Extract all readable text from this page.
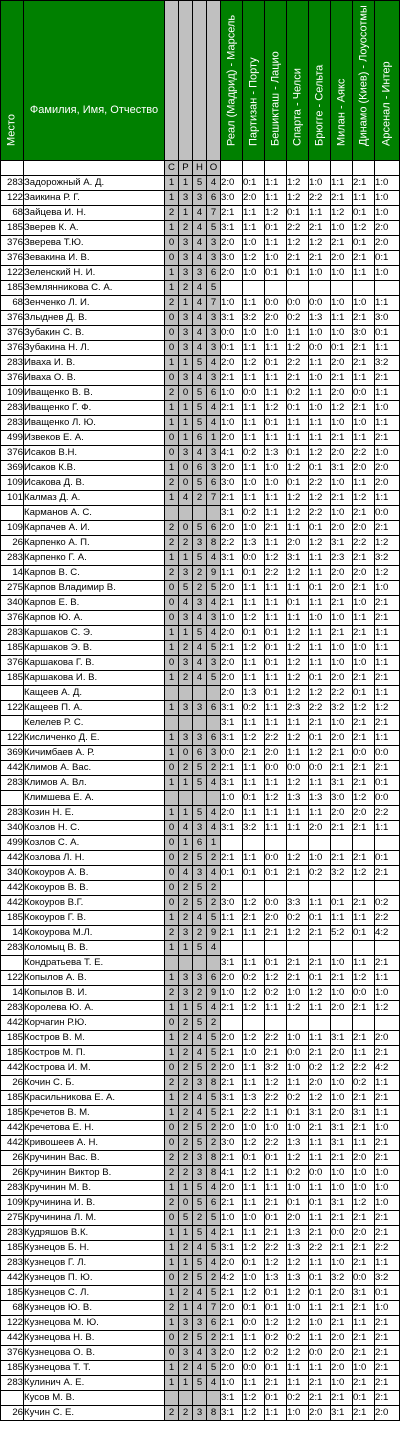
Место	Фамилия, Имя, Отчество					Реал (Мадрид) - Марсель	Партизан - Порту	Бешикташ - Лацио	Спарта - Челси	Брюгге - Сельта	Милан - Аякс	Динамо (Киев) - Лоуосотмы	Арсенал - Интер

		С	Р	Н	О								
283	Задорожный А. Д.	1	1	5	4	2:0	0:1	1:1	1:2	1:0	1:1	2:1	1:0
122	Заикина Р. Г.	1	3	3	6	3:0	2:0	1:1	1:2	2:2	2:1	1:1	1:0
68	Зайцева И. Н.	2	1	4	7	2:1	1:1	1:2	0:1	1:1	1:2	0:1	1:0
185	Зверев К. А.	1	2	4	5	3:1	1:1	0:1	2:2	2:1	1:0	1:2	2:0
376	Зверева Т.Ю.	0	3	4	3	2:0	1:0	1:1	1:2	1:2	2:1	0:1	2:0
376	Зевакина И. В.	0	3	4	3	3:0	1:2	1:0	2:1	2:1	2:0	2:1	0:1
122	Зеленский Н. И.	1	3	3	6	2:0	1:0	0:1	0:1	1:0	1:0	1:1	1:0
185	Землянникова С. А.	1	2	4	5								
68	Зенченко Л. И.	2	1	4	7	1:0	1:1	0:0	0:0	0:0	1:0	1:0	1:1
376	Злыднев Д. В.	0	3	4	3	3:1	3:2	2:0	0:2	1:3	1:1	2:1	3:0
376	Зубакин С. В.	0	3	4	3	0:0	1:0	1:0	1:1	1:0	1:0	3:0	0:1
376	Зубакина Н. Л.	0	3	4	3	0:1	1:1	1:1	1:2	0:0	0:1	2:1	1:1
283	Иваха И. В.	1	1	5	4	2:0	1:2	0:1	2:2	1:1	2:0	2:1	3:2
376	Иваха О. В.	0	3	4	3	2:1	1:1	1:1	2:1	1:0	2:1	1:1	2:1
109	Иващенко В. В.	2	0	5	6	1:0	0:0	1:1	0:2	1:1	2:0	0:0	1:1
283	Иващенко Г. Ф.	1	1	5	4	2:1	1:1	1:2	0:1	1:0	1:2	2:1	1:0
283	Иващенко Л. Ю.	1	1	5	4	1:0	1:1	0:1	1:1	1:1	1:0	1:0	1:1
499	Извеков Е. А.	0	1	6	1	2:0	1:1	1:1	1:1	1:1	2:1	1:1	2:1
376	Исаков В.Н.	0	3	4	3	4:1	0:2	1:3	0:1	1:2	2:0	2:2	1:0
369	Исаков К.В.	1	0	6	3	2:0	1:1	1:0	1:2	0:1	3:1	2:0	2:0
109	Исакова Д. В.	2	0	5	6	3:0	1:0	1:0	0:1	2:2	1:0	1:1	2:0
101	Калмаз Д. А.	1	4	2	7	2:1	1:1	1:1	1:2	1:2	2:1	1:2	1:1
	Карманов А. С.					3:1	0:2	1:1	1:2	2:2	1:0	2:1	0:0
109	Карпачев А. И.	2	0	5	6	2:0	1:0	2:1	1:1	0:1	2:0	2:0	2:1
26	Карпенко А. П.	2	2	3	8	2:2	1:3	1:1	2:0	1:2	3:1	2:2	1:2
283	Карпенко Г. А.	1	1	5	4	3:1	0:0	1:2	3:1	1:1	2:3	2:1	3:2
14	Карпов В. С.	2	3	2	9	1:1	0:1	2:2	1:2	1:1	2:0	2:0	1:2
275	Карпов Владимир В.	0	5	2	5	2:0	1:1	1:1	1:1	0:1	2:0	2:1	1:0
340	Карпов Е. В.	0	4	3	4	2:1	1:1	1:1	0:1	1:1	2:1	1:0	2:1
376	Карпов Ю. А.	0	3	4	3	1:0	1:2	1:1	1:1	1:0	1:0	1:1	2:1
283	Каршаков С. Э.	1	1	5	4	2:0	0:1	0:1	1:2	1:1	2:1	2:1	1:1
185	Каршаков Э. В.	1	2	4	5	2:1	1:2	0:1	1:2	1:1	1:0	1:0	1:1
376	Каршакова Г. В.	0	3	4	3	2:0	1:1	0:1	1:2	1:1	1:0	1:0	1:1
185	Каршакова И. В.	1	2	4	5	2:0	1:1	1:1	1:2	0:1	2:0	2:1	2:1
	Кащеев А. Д.					2:0	1:3	0:1	1:2	1:2	2:2	0:1	1:1
122	Кащеев П. А.	1	3	3	6	3:1	0:2	1:1	2:3	2:2	3:2	1:2	1:2
	Келелев Р. С.					3:1	1:1	1:1	1:1	2:1	1:0	2:1	2:1
122	Кисличенко Д. Е.	1	3	3	6	3:1	1:2	2:2	1:2	0:1	2:0	2:1	1:1
369	Кичимбаев А. Р.	1	0	6	3	0:0	2:1	2:0	1:1	1:2	2:1	0:0	0:0
442	Климов А. Вас.	0	2	5	2	2:1	1:1	0:0	0:0	0:0	2:1	2:1	2:1
283	Климов А. Вл.	1	1	5	4	3:1	1:1	1:1	1:2	1:1	3:1	2:1	0:1
	Климшева Е. А.					1:0	0:1	1:2	1:3	1:3	3:0	1:2	0:0
283	Козин Н. Е.	1	1	5	4	2:0	1:1	1:1	1:1	1:1	2:0	2:0	2:2
340	Козлов Н. С.	0	4	3	4	3:1	3:2	1:1	1:1	2:0	2:1	2:1	1:1
499	Козлов С. А.	0	1	6	1								
442	Козлова Л. Н.	0	2	5	2	2:1	1:1	0:0	1:2	1:0	2:1	2:1	0:1
340	Кокоуров А. В.	0	4	3	4	0:1	0:1	0:1	2:1	0:2	3:2	1:2	2:1
442	Кокоуров В. В.	0	2	5	2								
442	Кокоуров В.Г.	0	2	5	2	3:0	1:2	0:0	3:3	1:1	0:1	2:1	0:2
185	Кокоуров Г. В.	1	2	4	5	1:1	2:1	2:0	0:2	0:1	1:1	1:1	2:2
14	Кокоурова М.Л.	2	3	2	9	2:1	1:1	2:1	1:2	2:1	5:2	0:1	4:2
283	Коломыц В. В.	1	1	5	4								
	Кондратьева Т. Е.					3:1	1:1	0:1	2:1	2:1	1:0	1:1	2:1
122	Копылов А. В.	1	3	3	6	2:0	0:2	1:2	2:1	0:1	2:1	1:2	1:1
14	Копылов В. И.	2	3	2	9	1:0	1:2	0:2	1:0	1:2	1:0	0:0	1:0
283	Королева Ю. А.	1	1	5	4	2:1	1:2	1:1	1:2	1:1	2:0	2:1	1:2
442	Корчагин Р.Ю.	0	2	5	2								
185	Костров В. М.	1	2	4	5	2:0	1:2	2:2	1:0	1:1	3:1	2:1	2:0
185	Костров М. П.	1	2	4	5	2:1	1:0	2:1	0:0	2:1	2:0	1:1	2:1
442	Кострова И. М.	0	2	5	2	2:0	1:1	3:2	1:0	0:2	1:2	2:2	4:2
26	Кочин С. Б.	2	2	3	8	2:1	1:1	1:2	1:1	2:0	1:0	0:2	1:1
185	Красильникова Е. А.	1	2	4	5	3:1	1:3	2:2	0:2	1:2	1:0	2:1	2:1
185	Кречетов В. М.	1	2	4	5	2:1	2:2	1:1	0:1	3:1	2:0	3:1	1:1
442	Кречетова Е. Н.	0	2	5	2	2:0	1:0	1:0	1:0	2:1	3:1	2:1	1:0
442	Кривошеев А. Н.	0	2	5	2	3:0	1:2	2:2	1:3	1:1	3:1	1:1	2:1
26	Кручинин Вас. В.	2	2	3	8	2:1	0:1	0:1	1:2	1:1	2:1	2:0	2:1
26	Кручинин Виктор В.	2	2	3	8	4:1	1:2	1:1	0:2	0:0	1:0	1:0	1:0
283	Кручинин М. В.	1	1	5	4	2:0	1:1	1:1	1:0	1:1	1:0	1:0	1:0
109	Кручинина И. В.	2	0	5	6	2:1	1:1	2:1	0:1	0:1	3:1	1:2	1:0
275	Кручинина Л. М.	0	5	2	5	1:0	1:0	0:1	2:0	1:1	2:1	2:1	2:1
283	Кудряшов В.К.	1	1	5	4	2:1	1:1	2:1	1:3	2:1	0:0	2:0	2:1
185	Кузнецов Б. Н.	1	2	4	5	3:1	1:2	2:2	1:3	2:2	2:1	2:1	2:2
283	Кузнецов Г. Л.	1	1	5	4	2:0	0:1	1:2	1:2	1:1	1:0	2:1	1:1
442	Кузнецов П. Ю.	0	2	5	2	4:2	1:0	1:3	1:3	0:1	3:2	0:0	3:2
185	Кузнецов С. Л.	1	2	4	5	2:1	1:2	0:1	1:2	0:1	2:0	3:1	0:1
68	Кузнецов Ю. В.	2	1	4	7	2:0	0:1	0:1	1:0	1:1	2:1	2:1	1:0
122	Кузнецова М. Ю.	1	3	3	6	2:1	0:0	1:2	1:2	1:0	2:1	1:1	2:1
442	Кузнецова Н. В.	0	2	5	2	2:1	1:1	0:2	0:2	1:1	2:0	2:1	2:1
376	Кузнецова О. В.	0	3	4	3	2:0	1:2	0:2	1:2	0:0	2:0	2:1	2:1
185	Кузнецова Т. Т.	1	2	4	5	2:0	0:0	0:1	1:1	1:1	2:0	1:0	2:1
283	Кулинич А. Е.	1	1	5	4	1:0	1:1	2:1	1:1	2:1	1:0	2:1	2:1
	Кусов М. В.					3:1	1:2	0:1	0:2	2:1	2:1	0:1	2:1
26	Кучин С. Е.	2	2	3	8	3:1	1:2	1:1	1:0	2:0	3:1	2:1	2:0
